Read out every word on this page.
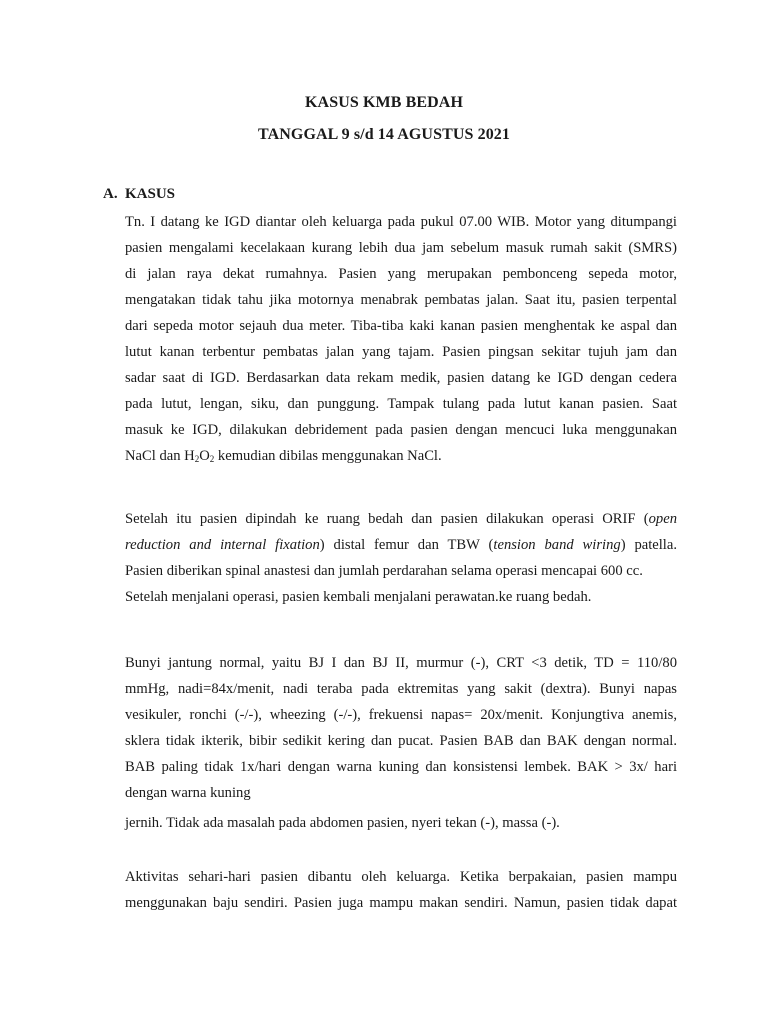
KASUS KMB BEDAH
TANGGAL 9 s/d 14 AGUSTUS 2021
A. KASUS
Tn. I datang ke IGD diantar oleh keluarga pada pukul 07.00 WIB. Motor yang ditumpangi
pasien mengalami kecelakaan kurang lebih dua jam sebelum masuk rumah sakit (SMRS)
di jalan raya dekat rumahnya. Pasien yang merupakan pembonceng sepeda motor,
mengatakan tidak tahu jika motornya menabrak pembatas jalan. Saat itu, pasien terpental
dari sepeda motor sejauh dua meter. Tiba-tiba kaki kanan pasien menghentak ke aspal dan
lutut kanan terbentur pembatas jalan yang tajam. Pasien pingsan sekitar tujuh jam dan
sadar saat di IGD. Berdasarkan data rekam medik, pasien datang ke IGD dengan cedera
pada lutut, lengan, siku, dan punggung. Tampak tulang pada lutut kanan pasien. Saat
masuk ke IGD, dilakukan debridement pada pasien dengan mencuci luka menggunakan
NaCl dan $H_2O_2$ kemudian dibilas menggunakan NaCl.
Setelah itu pasien dipindah ke ruang bedah dan pasien dilakukan operasi ORIF (open
reduction and internal fixation) distal femur dan TBW (tension band wiring) patella.
Pasien diberikan spinal anastesi dan jumlah perdarahan selama operasi mencapai 600 cc.
Setelah menjalani operasi, pasien kembali menjalani perawatan.ke ruang bedah.
Bunyi jantung normal, yaitu BJ I dan BJ II, murmur (-), CRT <3 detik, TD = 110/80
mmHg, nadi=84x/menit, nadi teraba pada ektremitas yang sakit (dextra). Bunyi napas
vesikuler, ronchi (-/-), wheezing (-/-), frekuensi napas= 20x/menit. Konjungtiva anemis,
sklera tidak ikterik, bibir sedikit kering dan pucat. Pasien BAB dan BAK dengan normal.
BAB paling tidak 1x/hari dengan warna kuning dan konsistensi lembek. BAK > 3x/ hari
dengan warna kuning
jernih. Tidak ada masalah pada abdomen pasien, nyeri tekan (-), massa (-).
Aktivitas sehari-hari pasien dibantu oleh keluarga. Ketika berpakaian, pasien mampu
menggunakan baju sendiri. Pasien juga mampu makan sendiri. Namun, pasien tidak dapat
